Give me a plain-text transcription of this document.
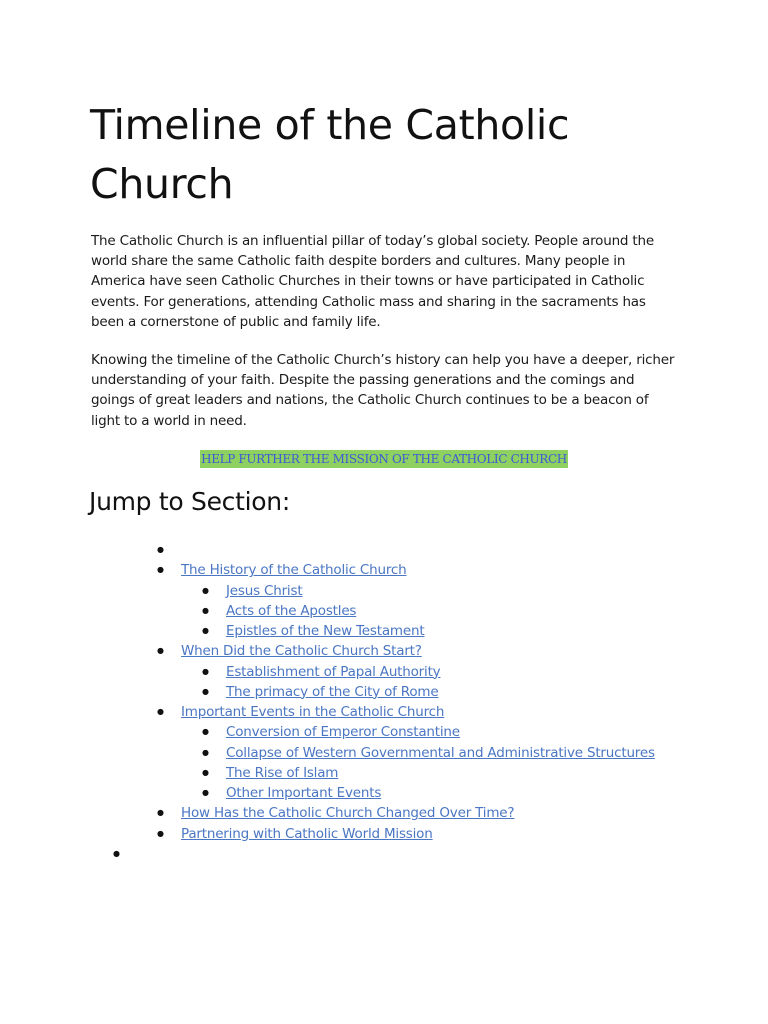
Timeline of the Catholic Church

The Catholic Church is an influential pillar of today’s global society. People around the world share the same Catholic faith despite borders and cultures. Many people in America have seen Catholic Churches in their towns or have participated in Catholic events. For generations, attending Catholic mass and sharing in the sacraments has been a cornerstone of public and family life.

Knowing the timeline of the Catholic Church’s history can help you have a deeper, richer understanding of your faith. Despite the passing generations and the comings and goings of great leaders and nations, the Catholic Church continues to be a beacon of light to a world in need.

HELP FURTHER THE MISSION OF THE CATHOLIC CHURCH
Jump to Section:
●
● The History of the Catholic Church
● Jesus Christ
● Acts of the Apostles
● Epistles of the New Testament
● When Did the Catholic Church Start?
● Establishment of Papal Authority
● The primacy of the City of Rome
● Important Events in the Catholic Church
● Conversion of Emperor Constantine
● Collapse of Western Governmental and Administrative Structures
● The Rise of Islam
● Other Important Events
● How Has the Catholic Church Changed Over Time?
● Partnering with Catholic World Mission
●
